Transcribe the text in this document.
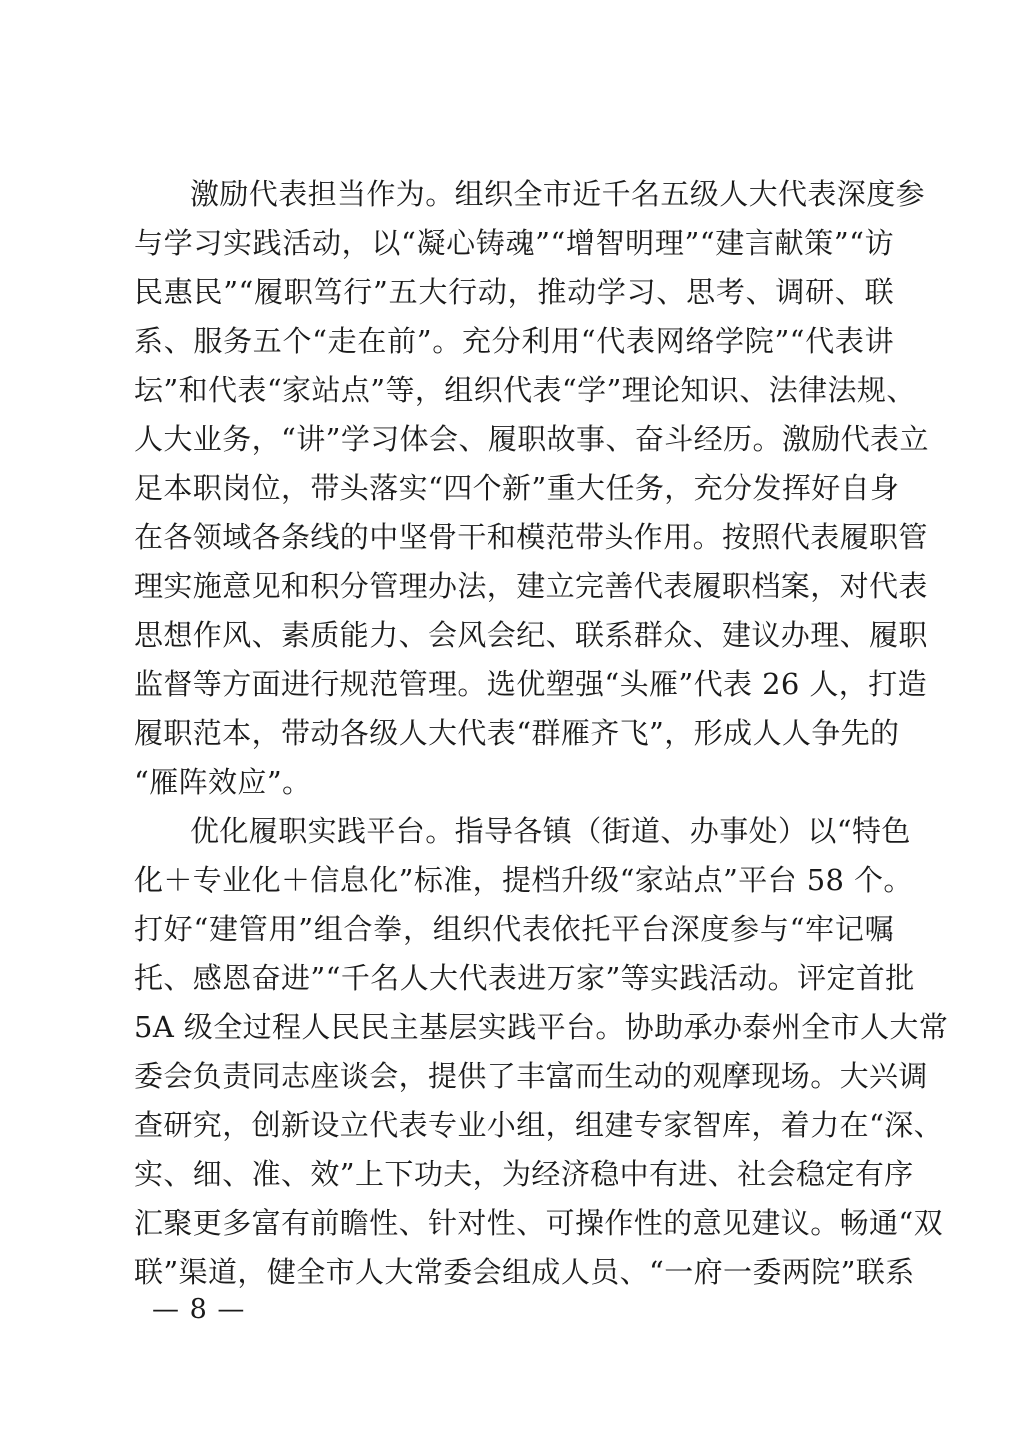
激励代表担当作为。组织全市近千名五级人大代表深度参
与学习实践活动，以“凝心铸魂”“增智明理”“建言献策”“访
民惠民”“履职笃行”五大行动，推动学习、思考、调研、联
系、服务五个“走在前”。充分利用“代表网络学院”“代表讲
坛”和代表“家站点”等，组织代表“学”理论知识、法律法规、
人大业务，“讲”学习体会、履职故事、奋斗经历。激励代表立
足本职岗位，带头落实“四个新”重大任务，充分发挥好自身
在各领域各条线的中坚骨干和模范带头作用。按照代表履职管
理实施意见和积分管理办法，建立完善代表履职档案，对代表
思想作风、素质能力、会风会纪、联系群众、建议办理、履职
监督等方面进行规范管理。选优塑强“头雁”代表 26 人，打造
履职范本，带动各级人大代表“群雁齐飞”，形成人人争先的
“雁阵效应”。
优化履职实践平台。指导各镇（街道、办事处）以“特色
化＋专业化＋信息化”标准，提档升级“家站点”平台 58 个。
打好“建管用”组合拳，组织代表依托平台深度参与“牢记嘱
托、感恩奋进”“千名人大代表进万家”等实践活动。评定首批
5A 级全过程人民民主基层实践平台。协助承办泰州全市人大常
委会负责同志座谈会，提供了丰富而生动的观摩现场。大兴调
查研究，创新设立代表专业小组，组建专家智库，着力在“深、
实、细、准、效”上下功夫，为经济稳中有进、社会稳定有序
汇聚更多富有前瞻性、针对性、可操作性的意见建议。畅通“双
联”渠道，健全市人大常委会组成人员、“一府一委两院”联系
— 8 —
